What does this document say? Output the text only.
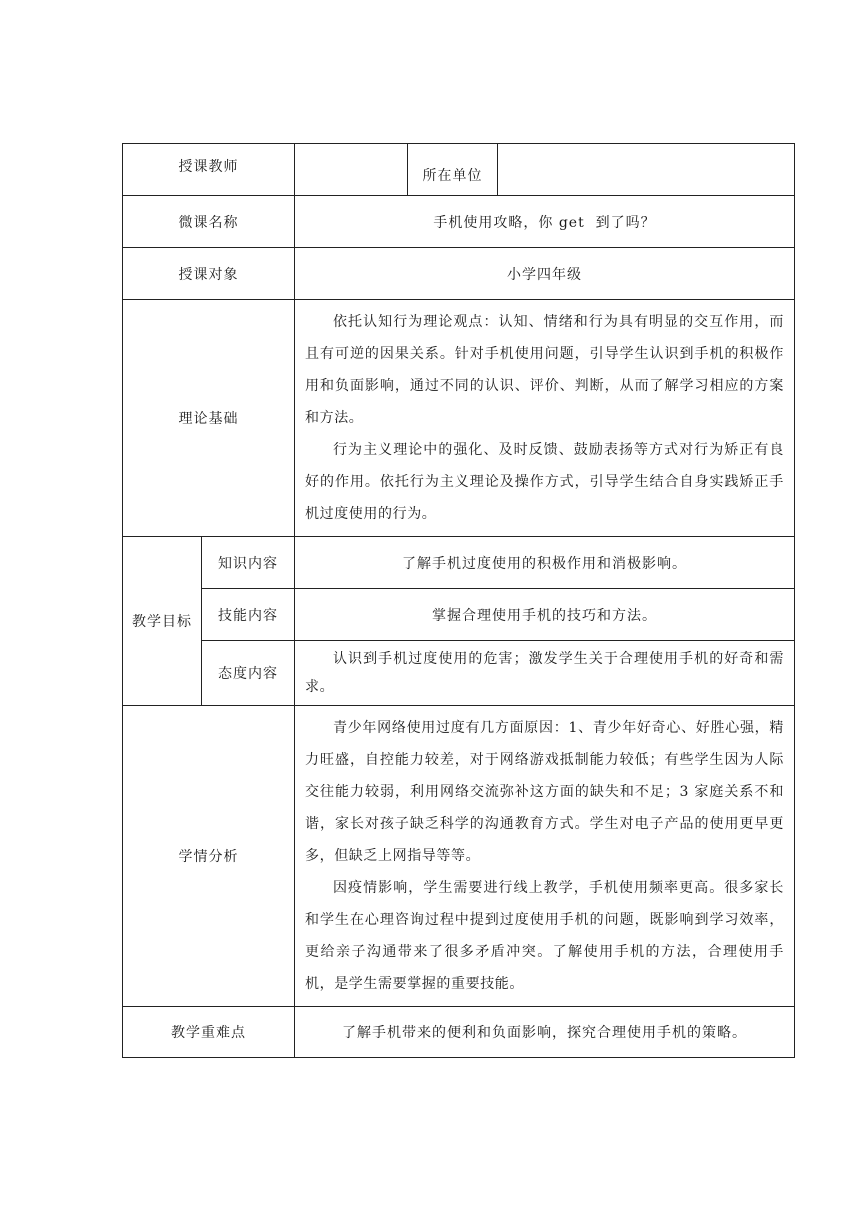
授课教师			所在单位	
微课名称		手机使用攻略，你 get  到了吗？		
授课对象		小学四年级		
理论基础		依托认知行为理论观点：认知、情绪和行为具有明显的交互作用，而且有可逆的因果关系。针对手机使用问题，引导学生认识到手机的积极作用和负面影响，通过不同的认识、评价、判断，从而了解学习相应的方案和方法。

行为主义理论中的强化、及时反馈、鼓励表扬等方式对行为矫正有良好的作用。依托行为主义理论及操作方式，引导学生结合自身实践矫正手机过度使用的行为。		

教学目标	知识内容	了解手机过度使用的积极作用和消极影响。		
	技能内容	掌握合理使用手机的技巧和方法。		
	态度内容	认识到手机过度使用的危害；激发学生关于合理使用手机的好奇和需求。		

学情分析		青少年网络使用过度有几方面原因：1、青少年好奇心、好胜心强，精力旺盛，自控能力较差，对于网络游戏抵制能力较低；有些学生因为人际交往能力较弱，利用网络交流弥补这方面的缺失和不足；3 家庭关系不和谐，家长对孩子缺乏科学的沟通教育方式。学生对电子产品的使用更早更多，但缺乏上网指导等等。

因疫情影响，学生需要进行线上教学，手机使用频率更高。很多家长和学生在心理咨询过程中提到过度使用手机的问题，既影响到学习效率，更给亲子沟通带来了很多矛盾冲突。了解使用手机的方法，合理使用手机，是学生需要掌握的重要技能。		

教学重难点		了解手机带来的便利和负面影响，探究合理使用手机的策略。		
